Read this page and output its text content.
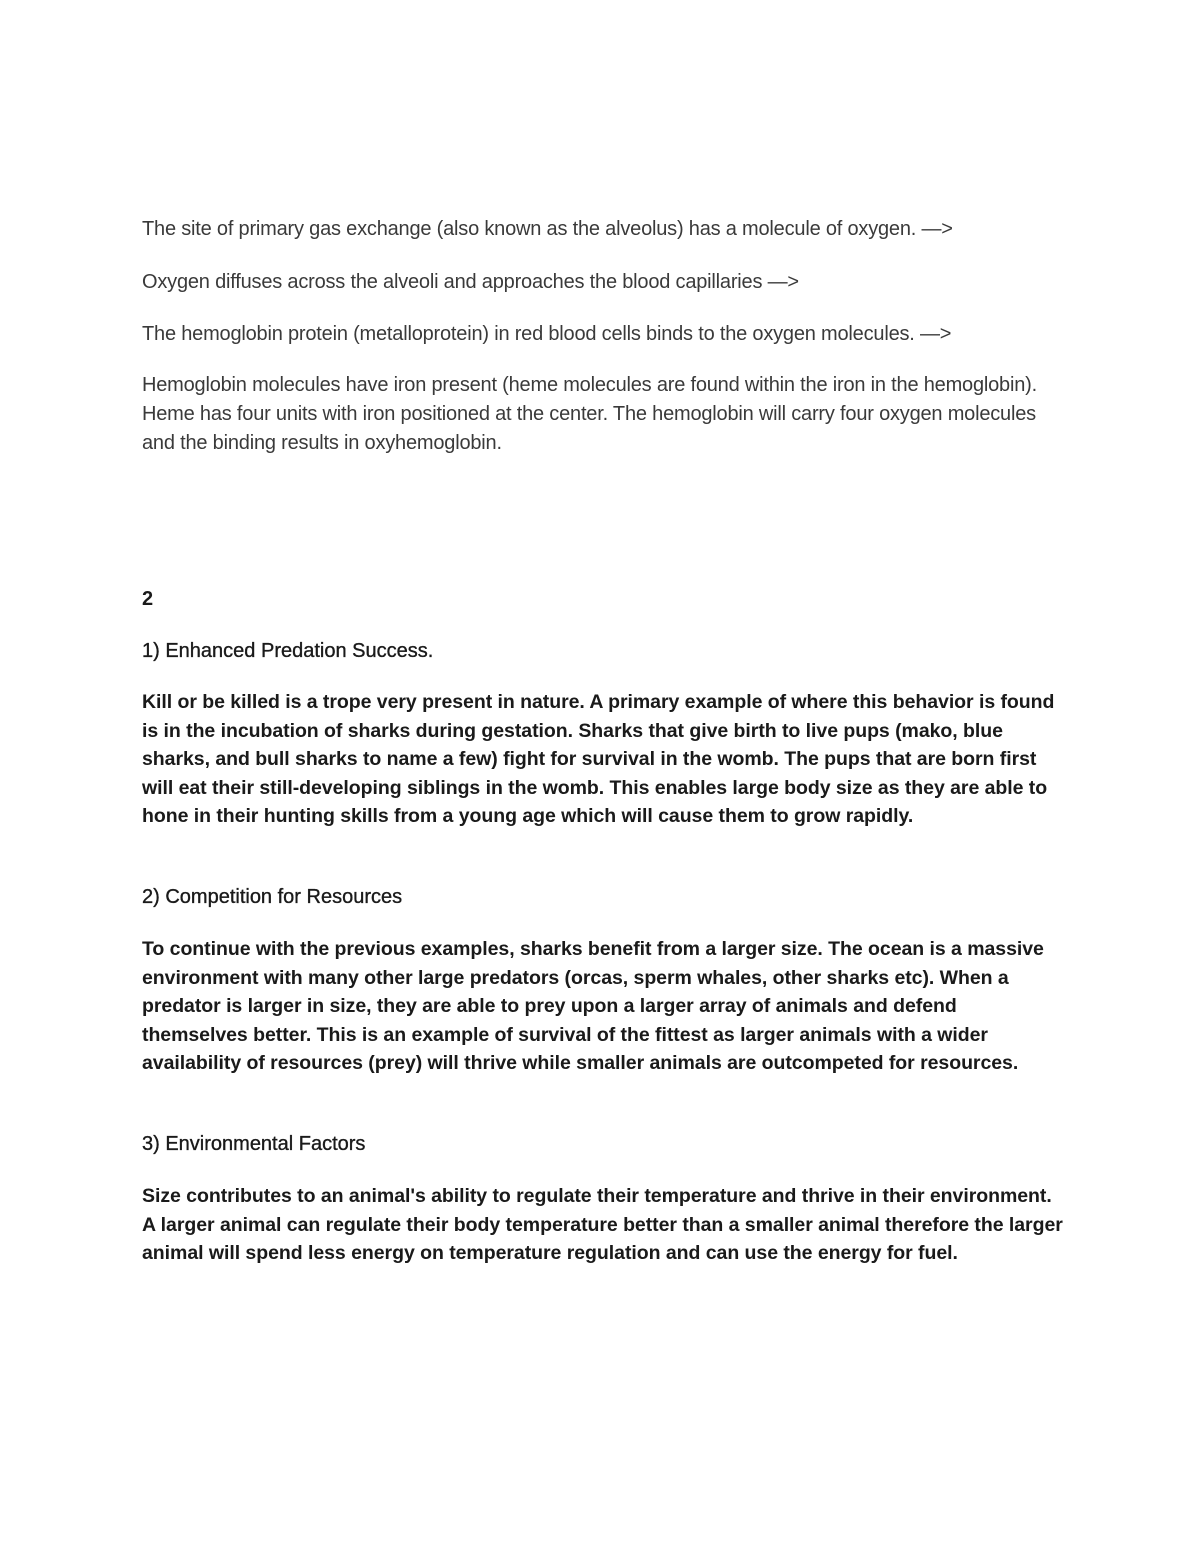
The site of primary gas exchange (also known as the alveolus) has a molecule of oxygen. —>

Oxygen diffuses across the alveoli and approaches the blood capillaries —>

The hemoglobin protein (metalloprotein) in red blood cells binds to the oxygen molecules. —>

Hemoglobin molecules have iron present (heme molecules are found within the iron in the hemoglobin). Heme has four units with iron positioned at the center. The hemoglobin will carry four oxygen molecules and the binding results in oxyhemoglobin.

2

1) Enhanced Predation Success.

Kill or be killed is a trope very present in nature. A primary example of where this behavior is found is in the incubation of sharks during gestation. Sharks that give birth to live pups (mako, blue sharks, and bull sharks to name a few) fight for survival in the womb. The pups that are born first will eat their still-developing siblings in the womb. This enables large body size as they are able to hone in their hunting skills from a young age which will cause them to grow rapidly.

2) Competition for Resources

To continue with the previous examples, sharks benefit from a larger size. The ocean is a massive environment with many other large predators (orcas, sperm whales, other sharks etc). When a predator is larger in size, they are able to prey upon a larger array of animals and defend themselves better. This is an example of survival of the fittest as larger animals with a wider availability of resources (prey) will thrive while smaller animals are outcompeted for resources.

3) Environmental Factors

Size contributes to an animal's ability to regulate their temperature and thrive in their environment. A larger animal can regulate their body temperature better than a smaller animal therefore the larger animal will spend less energy on temperature regulation and can use the energy for fuel.
